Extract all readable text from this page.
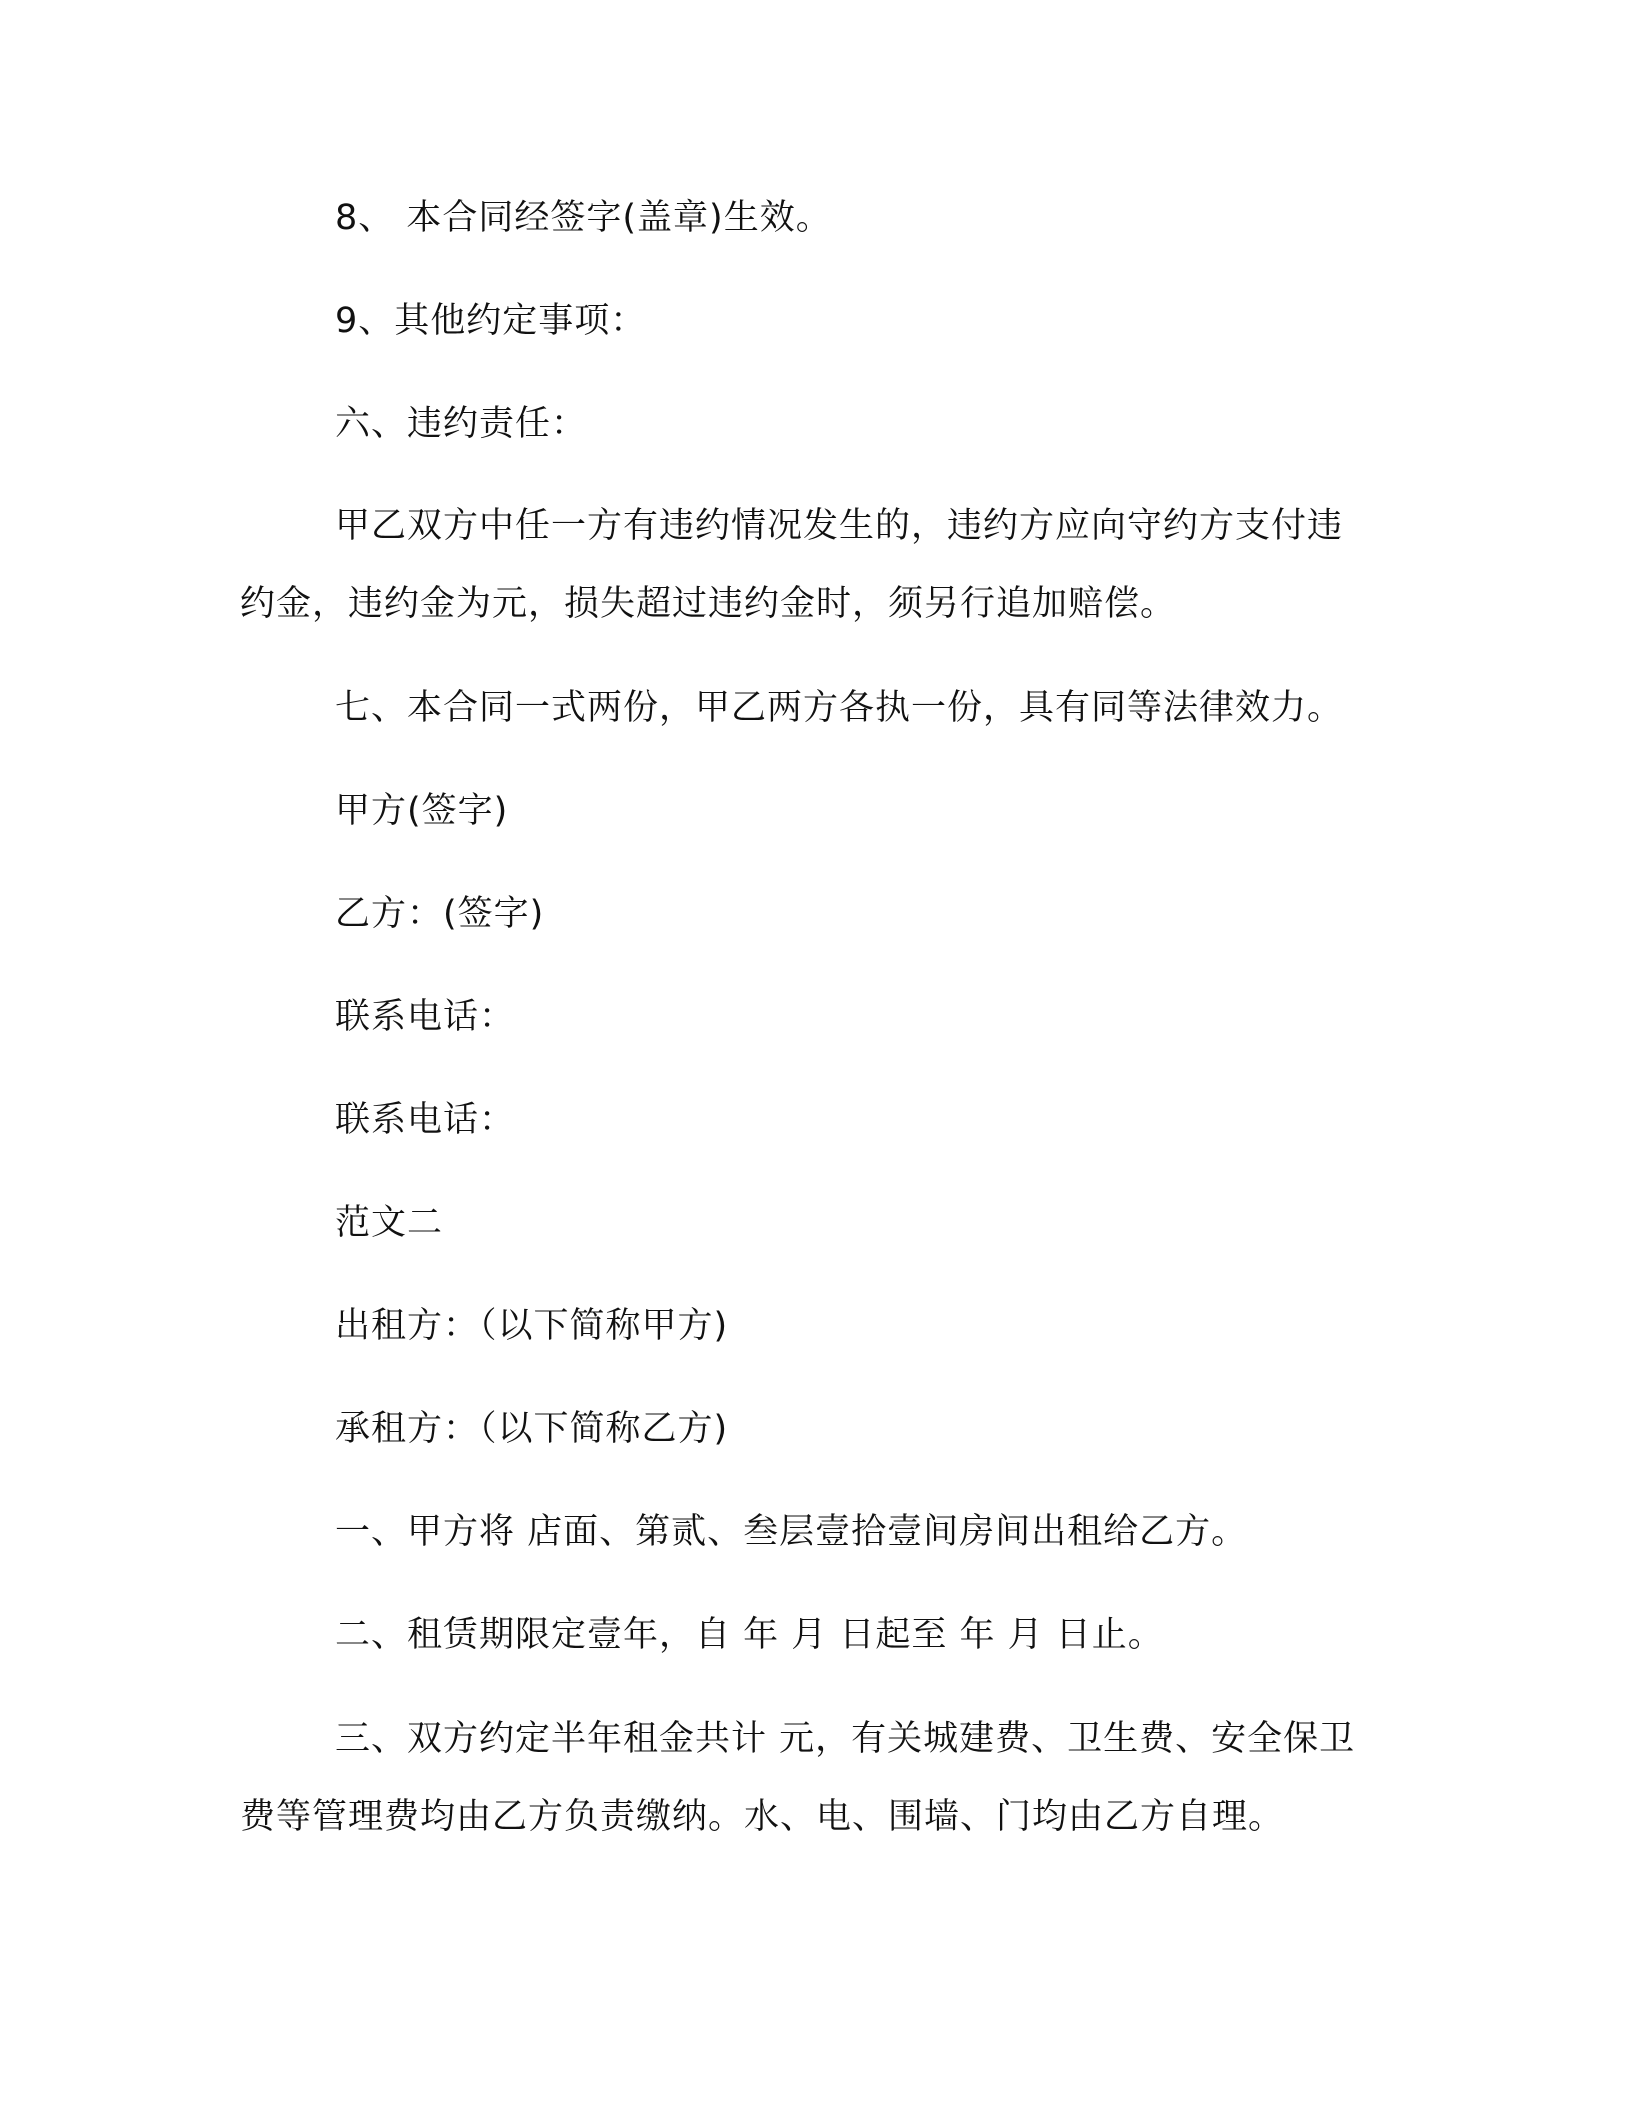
8、 本合同经签字(盖章)生效。
9、其他约定事项：
六、违约责任：
甲乙双方中任一方有违约情况发生的，违约方应向守约方支付违
约金，违约金为元，损失超过违约金时，须另行追加赔偿。
七、本合同一式两份，甲乙两方各执一份，具有同等法律效力。
甲方(签字)
乙方：(签字)
联系电话：
联系电话：
范文二
出租方：（以下简称甲方)
承租方：（以下简称乙方)
一、甲方将 店面、第贰、叁层壹拾壹间房间出租给乙方。
二、租赁期限定壹年，自 年 月 日起至 年 月 日止。
三、双方约定半年租金共计 元，有关城建费、卫生费、安全保卫
费等管理费均由乙方负责缴纳。水、电、围墙、门均由乙方自理。
